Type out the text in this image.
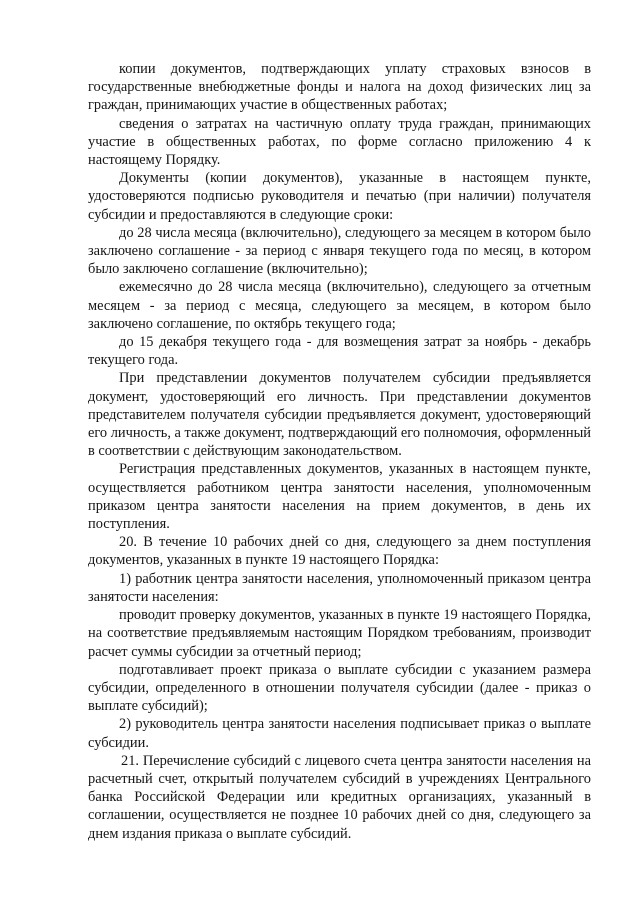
копии документов, подтверждающих уплату страховых взносов в государственные внебюджетные фонды и налога на доход физических лиц за граждан, принимающих участие в общественных работах;

сведения о затратах на частичную оплату труда граждан, принимающих участие в общественных работах, по форме согласно приложению 4 к настоящему Порядку.

Документы (копии документов), указанные в настоящем пункте, удостоверяются подписью руководителя и печатью (при наличии) получателя субсидии и предоставляются в следующие сроки:

до 28 числа месяца (включительно), следующего за месяцем в котором было заключено соглашение - за период с января текущего года по месяц, в котором было заключено соглашение (включительно);

ежемесячно до 28 числа месяца (включительно), следующего за отчетным месяцем - за период с месяца, следующего за месяцем, в котором было заключено соглашение, по октябрь текущего года;

до 15 декабря текущего года - для возмещения затрат за ноябрь - декабрь текущего года.

При представлении документов получателем субсидии предъявляется документ, удостоверяющий его личность. При представлении документов представителем получателя субсидии предъявляется документ, удостоверяющий его личность, а также документ, подтверждающий его полномочия, оформленный в соответствии с действующим законодательством.

Регистрация представленных документов, указанных в настоящем пункте, осуществляется работником центра занятости населения, уполномоченным приказом центра занятости населения на прием документов, в день их поступления.

20. В течение 10 рабочих дней со дня, следующего за днем поступления документов, указанных в пункте 19 настоящего Порядка:

1) работник центра занятости населения, уполномоченный приказом центра занятости населения:

проводит проверку документов, указанных в пункте 19 настоящего Порядка, на соответствие предъявляемым настоящим Порядком требованиям, производит расчет суммы субсидии за отчетный период;

подготавливает проект приказа о выплате субсидии с указанием размера субсидии, определенного в отношении получателя субсидии (далее - приказ о выплате субсидий);

2) руководитель центра занятости населения подписывает приказ о выплате субсидии.

21. Перечисление субсидий с лицевого счета центра занятости населения на расчетный счет, открытый получателем субсидий в учреждениях Центрального банка Российской Федерации или кредитных организациях, указанный в соглашении, осуществляется не позднее 10 рабочих дней со дня, следующего за днем издания приказа о выплате субсидий.
